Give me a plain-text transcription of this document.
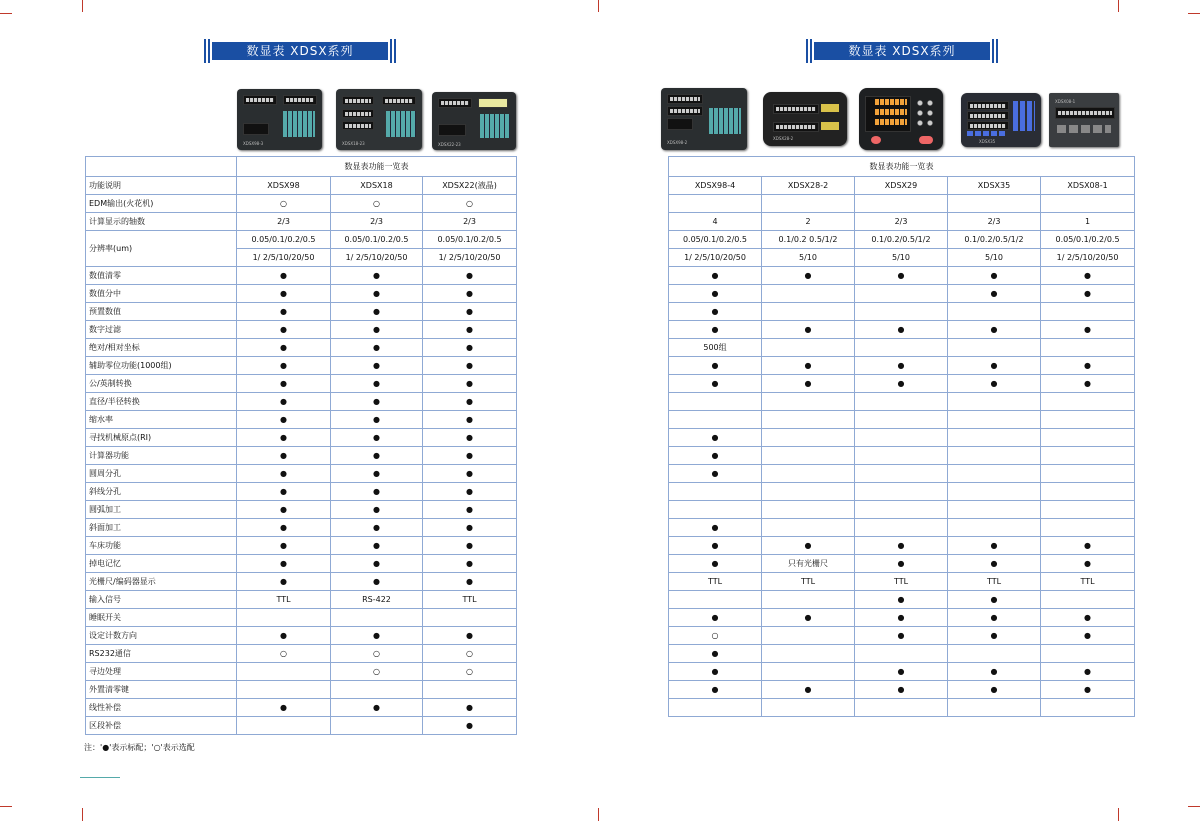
数显表 XDSX系列	数显表 XDSX系列
XDSX98-3	XDSX18-23	XDSX22-23	XDSX98-2
XDSX28-2
XDSX35
XDSX08-1
	数显表功能一览表		
功能说明	XDSX98	XDSX18	XDSX22(液晶)
EDM输出(火花机)	○	○	○
计算显示的轴数	2/3	2/3	2/3
分辨率(um)	0.05/0.1/0.2/0.5	0.05/0.1/0.2/0.5	0.05/0.1/0.2/0.5
	1/ 2/5/10/20/50	1/ 2/5/10/20/50	1/ 2/5/10/20/50
数值清零	●	●	●
数值分中	●	●	●
预置数值	●	●	●
数字过滤	●	●	●
绝对/相对坐标	●	●	●
辅助零位功能(1000组)	●	●	●
公/英制转换	●	●	●
直径/半径转换	●	●	●
缩水率	●	●	●
寻找机械原点(RI)	●	●	●
计算器功能	●	●	●
圆周分孔	●	●	●
斜线分孔	●	●	●
圆弧加工	●	●	●
斜面加工	●	●	●
车床功能	●	●	●
掉电记忆	●	●	●
光栅尺/编码器显示	●	●	●
输入信号	TTL	RS-422	TTL
睡眠开关			
设定计数方向	●	●	●
RS232通信	○	○	○
寻边处理		○	○
外置清零键			
线性补偿	●	●	●
区段补偿			●
数显表功能一览表				
XDSX98-4	XDSX28-2	XDSX29	XDSX35	XDSX08-1

4	2	2/3	2/3	1
0.05/0.1/0.2/0.5	0.1/0.2 0.5/1/2	0.1/0.2/0.5/1/2	0.1/0.2/0.5/1/2	0.05/0.1/0.2/0.5
1/ 2/5/10/20/50	5/10	5/10	5/10	1/ 2/5/10/20/50
●	●	●	●	●
●			●	●
●				
●	●	●	●	●
500组				
●	●	●	●	●
●	●	●	●	●

●				
●				
●				

●				
●	●	●	●	●
●	只有光栅尺	●	●	●
TTL	TTL	TTL	TTL	TTL
		●	●	
●	●	●	●	●
○		●	●	●
●				
●		●	●	●
●	●	●	●	●

注：'●'表示标配；'○'表示选配
